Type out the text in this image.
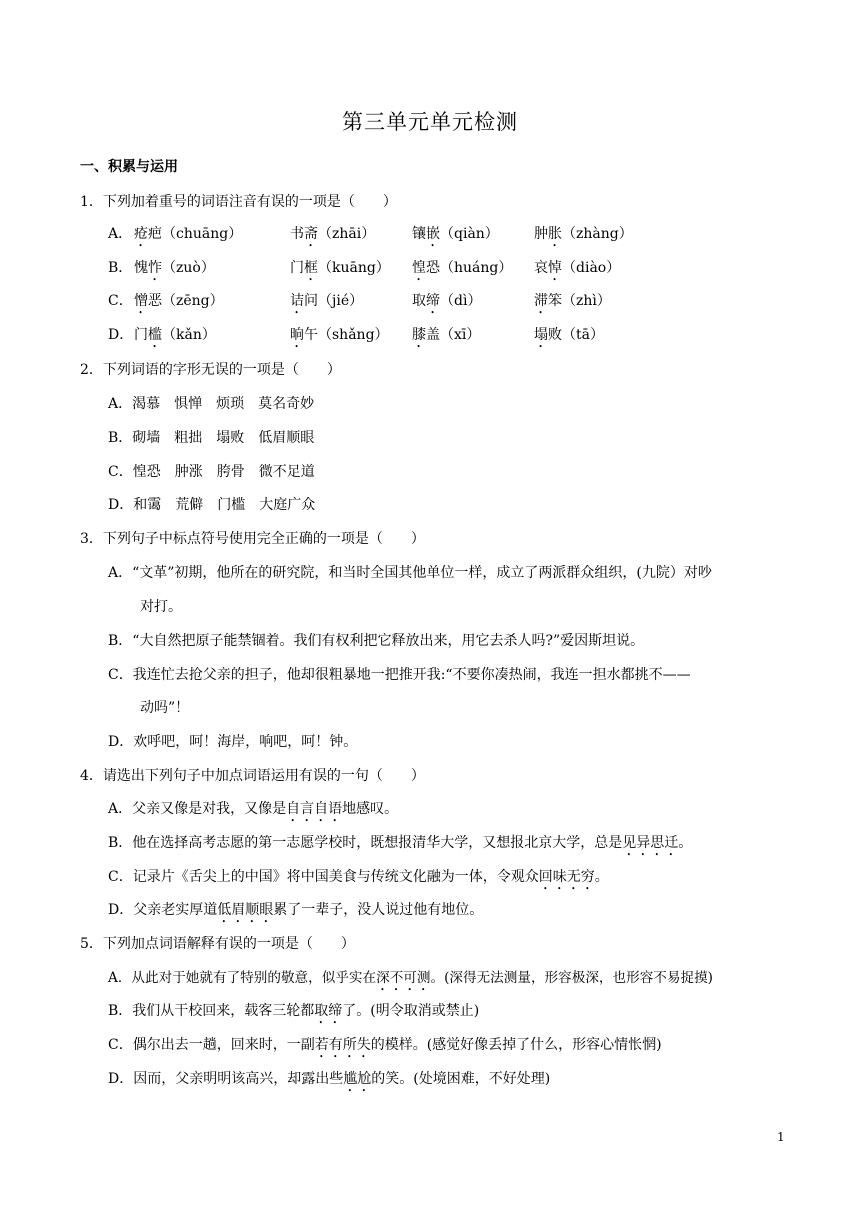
第三单元单元检测
一、积累与运用
1．下列加着重号的词语注音有误的一项是（　　）
A． 疮疤（chuāng）	书斋（zhāi）	镶嵌（qiàn）	肿胀（zhàng）
B． 愧怍（zuò）	门框（kuāng） 惶恐（huáng） 哀悼（diào）
C． 憎恶（zēng）	诘问（jié）	取缔（dì）	滞笨（zhì）
D． 门槛（kǎn）	晌午（shǎng） 膝盖（xī）	塌败（tā）
2．下列词语的字形无误的一项是（　　）
A．渴慕　惧惮　烦琐　莫名奇妙
B．砌墙　粗拙　塌败　低眉顺眼
C．惶恐　肿涨　胯骨　微不足道
D．和霭　荒僻　门槛　大庭广众
3．下列句子中标点符号使用完全正确的一项是（　　）
A．“文革”初期，他所在的研究院，和当时全国其他单位一样，成立了两派群众组织，(九院）对吵
对打。
B．“大自然把原子能禁锢着。我们有权利把它释放出来，用它去杀人吗?”爱因斯坦说。
C．我连忙去抢父亲的担子，他却很粗暴地一把推开我:“不要你凑热闹，我连一担水都挑不——
动吗”！
D．欢呼吧，呵！海岸，响吧，呵！钟。
4．请选出下列句子中加点词语运用有误的一句（　　）
A．父亲又像是对我，又像是自言自语地感叹。
B．他在选择高考志愿的第一志愿学校时，既想报清华大学，又想报北京大学，总是见异思迁。
C．记录片《舌尖上的中国》将中国美食与传统文化融为一体，令观众回味无穷。
D．父亲老实厚道低眉顺眼累了一辈子，没人说过他有地位。
5．下列加点词语解释有误的一项是（　　）
A．从此对于她就有了特别的敬意，似乎实在深不可测。(深得无法测量，形容极深，也形容不易捉摸)
B．我们从干校回来，载客三轮都取缔了。(明令取消或禁止)
C．偶尔出去一趟，回来时，一副若有所失的模样。(感觉好像丢掉了什么，形容心情怅惘)
D．因而，父亲明明该高兴，却露出些尴尬的笑。(处境困难，不好处理)
1
